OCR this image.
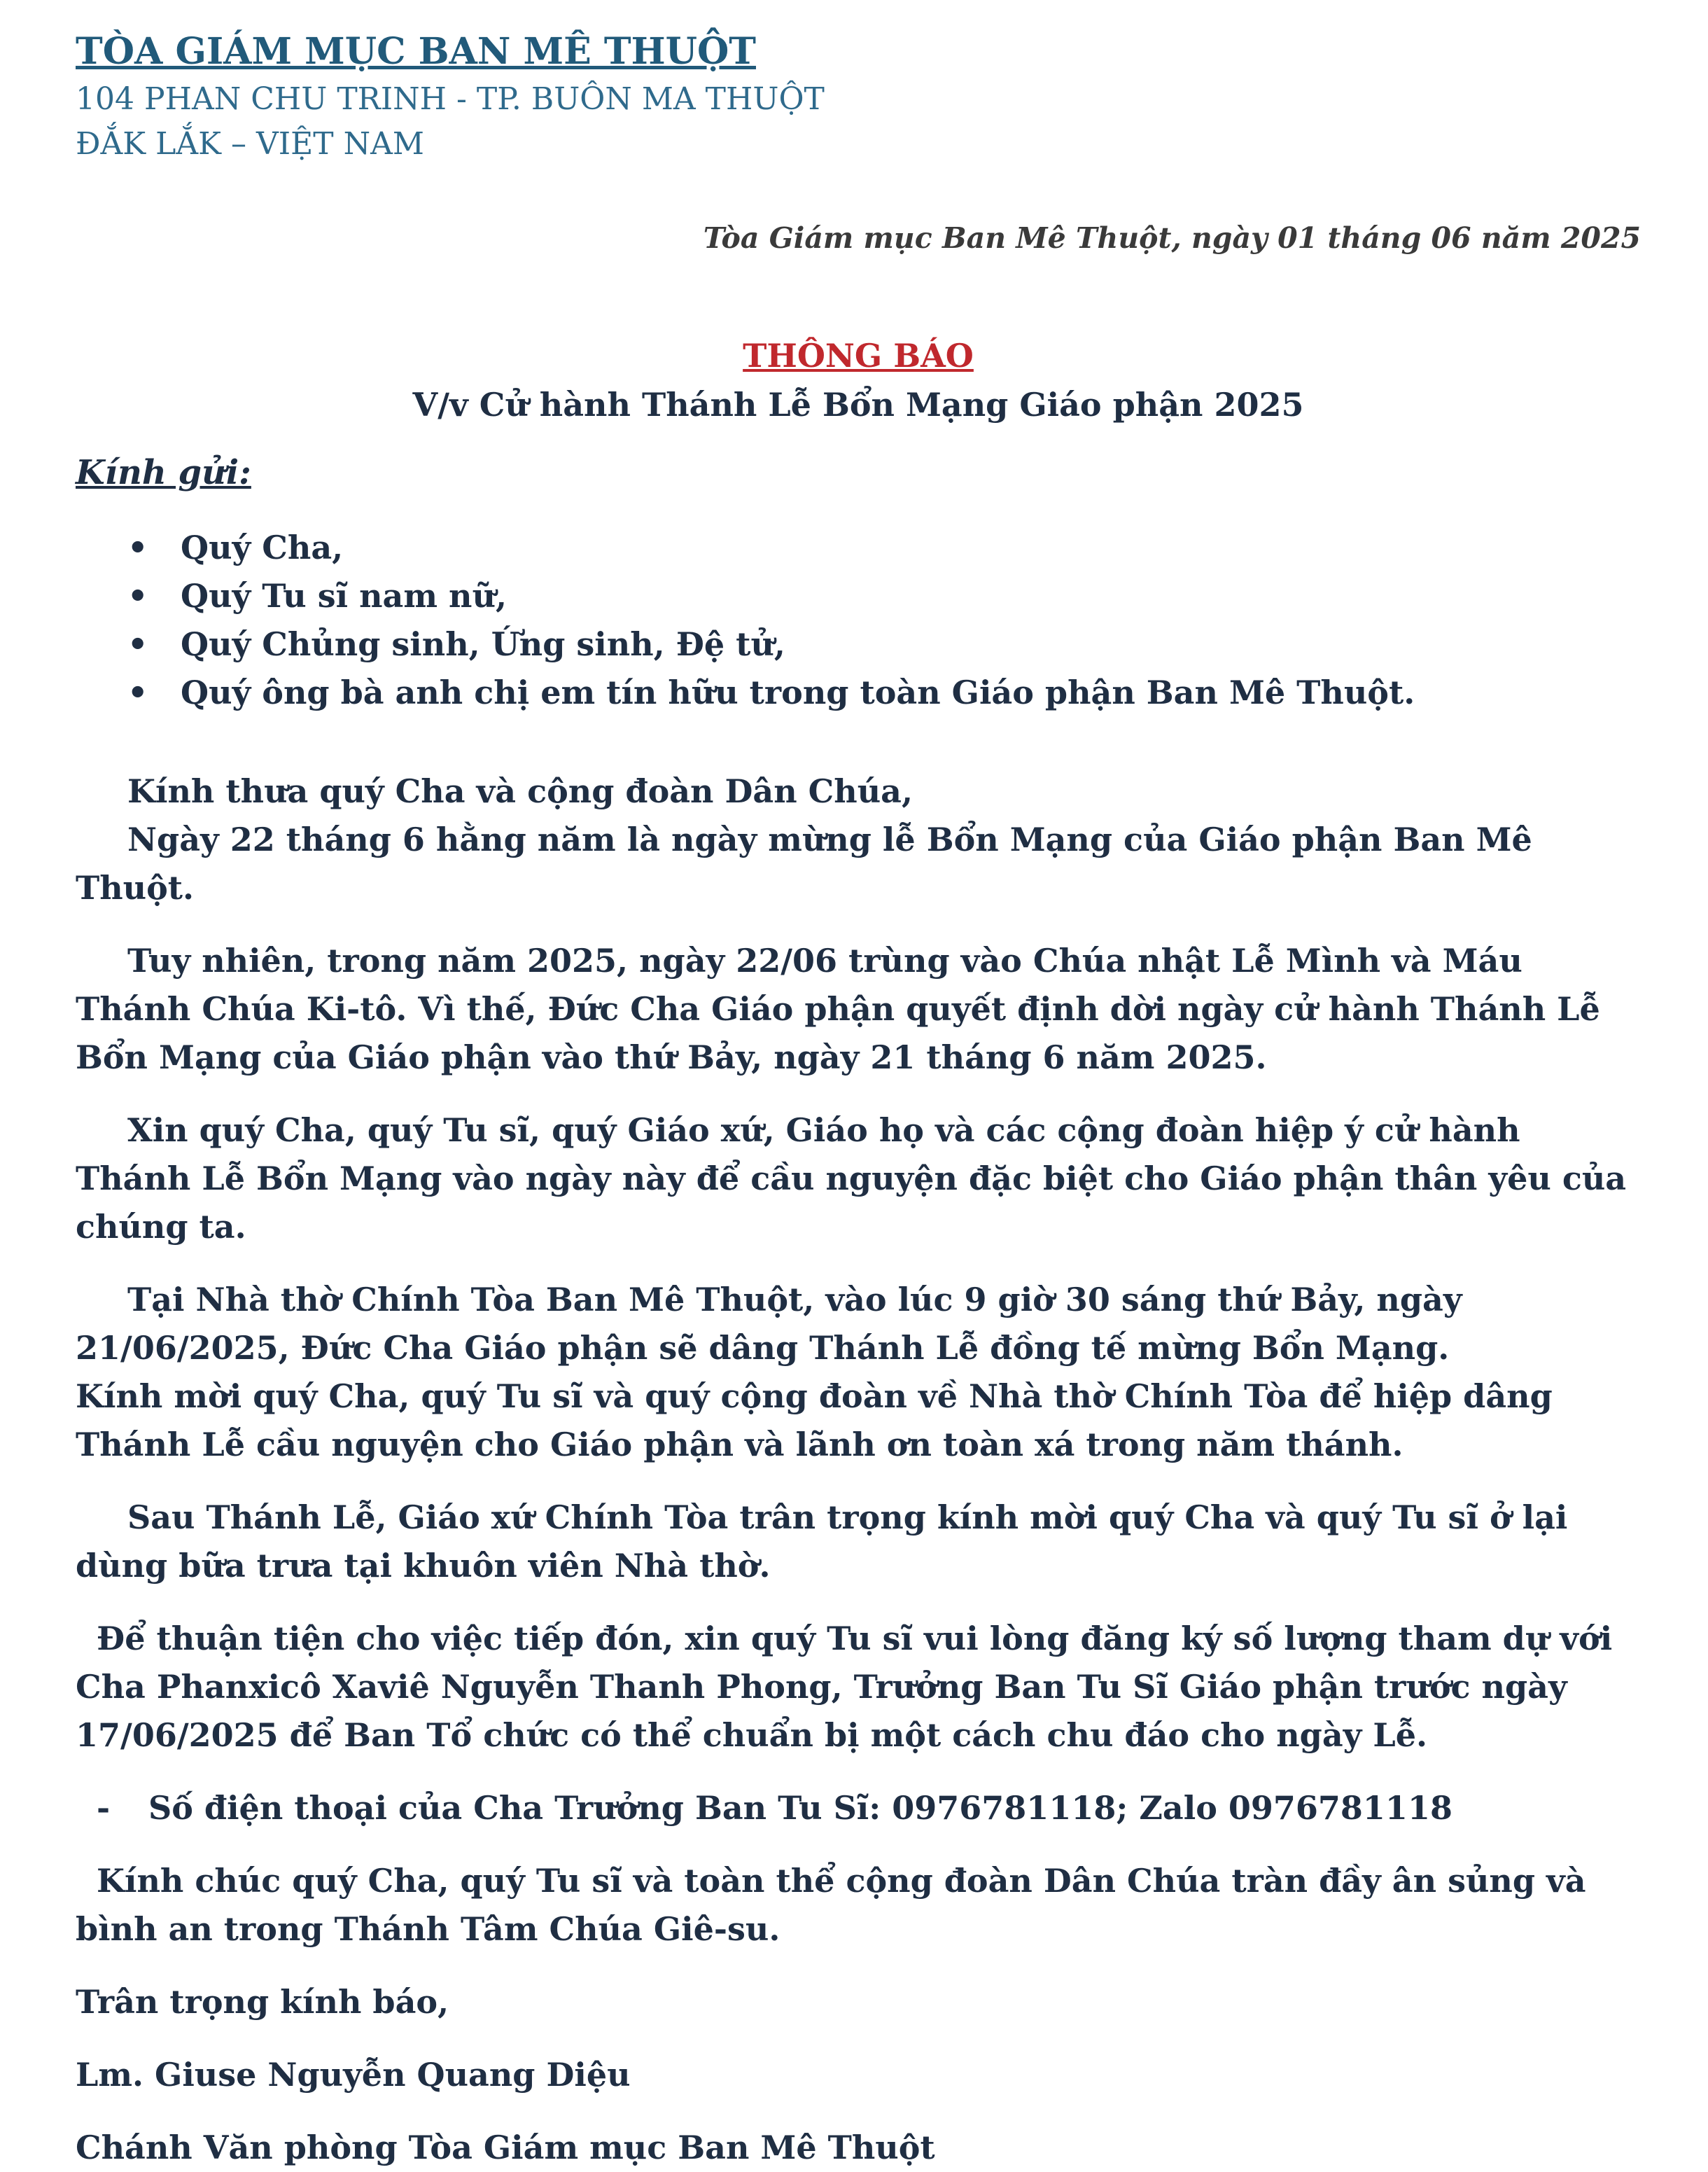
TÒA GIÁM MỤC BAN MÊ THUỘT

104 PHAN CHU TRINH - TP. BUÔN MA THUỘT

ĐẮK LẮK – VIỆT NAM

Tòa Giám mục Ban Mê Thuột, ngày 01 tháng 06 năm 2025
THÔNG BÁO
V/v Cử hành Thánh Lễ Bổn Mạng Giáo phận 2025
Kính gửi:
• Quý Cha,
• Quý Tu sĩ nam nữ,
• Quý Chủng sinh, Ứng sinh, Đệ tử,
• Quý ông bà anh chị em tín hữu trong toàn Giáo phận Ban Mê Thuột.

Kính thưa quý Cha và cộng đoàn Dân Chúa,

Ngày 22 tháng 6 hằng năm là ngày mừng lễ Bổn Mạng của Giáo phận Ban Mê Thuột.

Tuy nhiên, trong năm 2025, ngày 22/06 trùng vào Chúa nhật Lễ Mình và Máu Thánh Chúa Ki-tô. Vì thế, Đức Cha Giáo phận quyết định dời ngày cử hành Thánh Lễ Bổn Mạng của Giáo phận vào thứ Bảy, ngày 21 tháng 6 năm 2025.

Xin quý Cha, quý Tu sĩ, quý Giáo xứ, Giáo họ và các cộng đoàn hiệp ý cử hành Thánh Lễ Bổn Mạng vào ngày này để cầu nguyện đặc biệt cho Giáo phận thân yêu của chúng ta.

Tại Nhà thờ Chính Tòa Ban Mê Thuột, vào lúc 9 giờ 30 sáng thứ Bảy, ngày 21/06/2025, Đức Cha Giáo phận sẽ dâng Thánh Lễ đồng tế mừng Bổn Mạng.

Kính mời quý Cha, quý Tu sĩ và quý cộng đoàn về Nhà thờ Chính Tòa để hiệp dâng Thánh Lễ cầu nguyện cho Giáo phận và lãnh ơn toàn xá trong năm thánh.

Sau Thánh Lễ, Giáo xứ Chính Tòa trân trọng kính mời quý Cha và quý Tu sĩ ở lại dùng bữa trưa tại khuôn viên Nhà thờ.

Để thuận tiện cho việc tiếp đón, xin quý Tu sĩ vui lòng đăng ký số lượng tham dự với Cha Phanxicô Xaviê Nguyễn Thanh Phong, Trưởng Ban Tu Sĩ Giáo phận trước ngày 17/06/2025 để Ban Tổ chức có thể chuẩn bị một cách chu đáo cho ngày Lễ.

- Số điện thoại của Cha Trưởng Ban Tu Sĩ: 0976781118; Zalo 0976781118

Kính chúc quý Cha, quý Tu sĩ và toàn thể cộng đoàn Dân Chúa tràn đầy ân sủng và bình an trong Thánh Tâm Chúa Giê-su.

Trân trọng kính báo,

Lm. Giuse Nguyễn Quang Diệu

Chánh Văn phòng Tòa Giám mục Ban Mê Thuột
